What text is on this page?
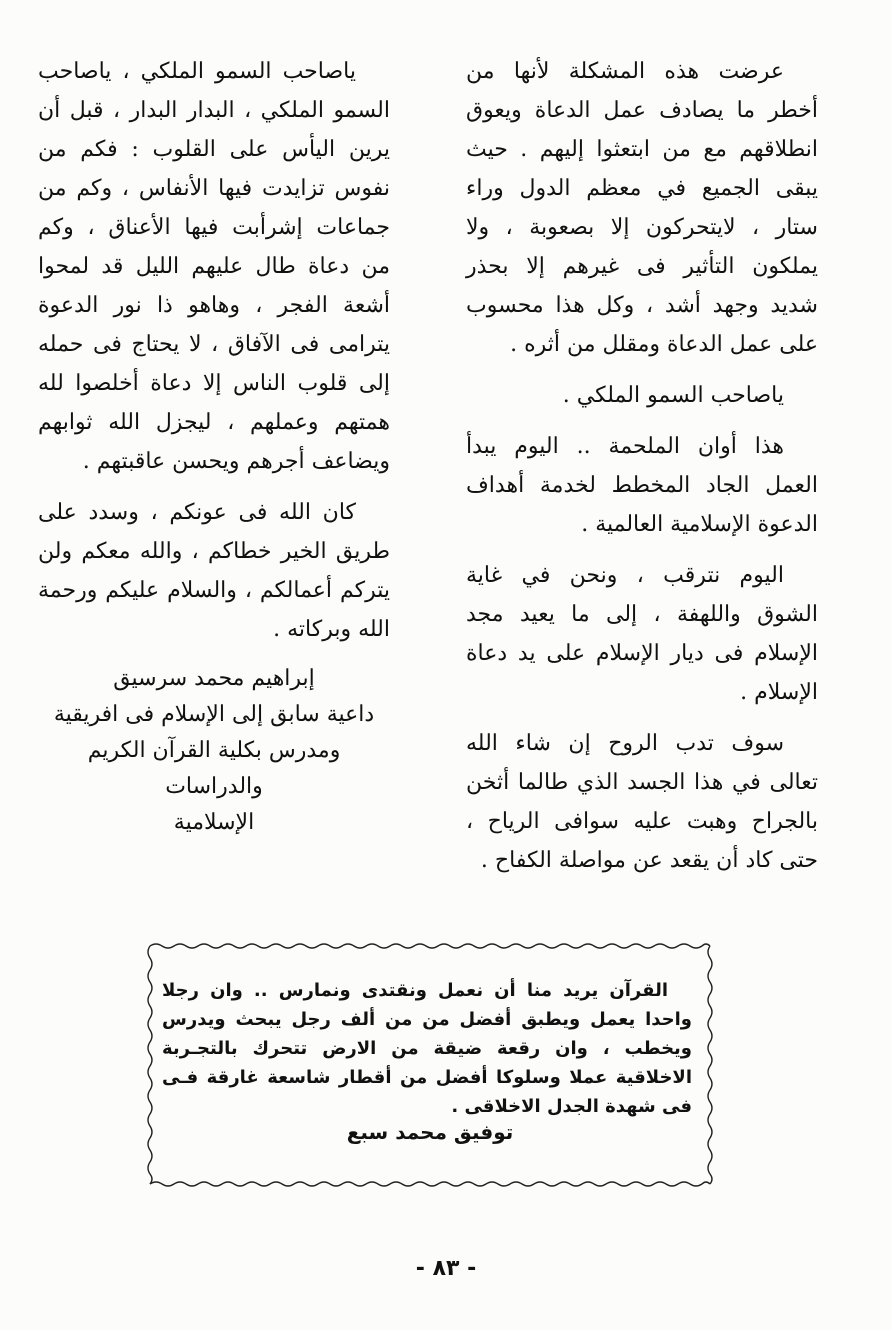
عرضت هذه المشكلة لأنها من أخطر ما يصادف عمل الدعاة ويعوق انطلاقهم مع من ابتعثوا إليهم . حيث يبقى الجميع في معظم الدول وراء ستار ، لايتحركون إلا بصعوبة ، ولا يملكون التأثير فى غيرهم إلا بحذر شديد وجهد أشد ، وكل هذا محسوب على عمل الدعاة ومقلل من أثره .

ياصاحب السمو الملكي .

هذا أوان الملحمة .. اليوم يبدأ العمل الجاد المخطط لخدمة أهداف الدعوة الإسلامية العالمية .

اليوم نترقب ، ونحن في غاية الشوق واللهفة ، إلى ما يعيد مجد الإسلام فى ديار الإسلام على يد دعاة الإسلام .

سوف تدب الروح إن شاء الله تعالى في هذا الجسد الذي طالما أثخن بالجراح وهبت عليه سوافى الرياح ، حتى كاد أن يقعد عن مواصلة الكفاح .

ياصاحب السمو الملكي ، ياصاحب السمو الملكي ، البدار البدار ، قبل أن يرين اليأس على القلوب : فكم من نفوس تزايدت فيها الأنفاس ، وكم من جماعات إشرأبت فيها الأعناق ، وكم من دعاة طال عليهم الليل قد لمحوا أشعة الفجر ، وهاهو ذا نور الدعوة يترامى فى الآفاق ، لا يحتاج فى حمله إلى قلوب الناس إلا دعاة أخلصوا لله همتهم وعملهم ، ليجزل الله ثوابهم ويضاعف أجرهم ويحسن عاقبتهم .

كان الله فى عونكم ، وسدد على طريق الخير خطاكم ، والله معكم ولن يتركم أعمالكم ، والسلام عليكم ورحمة الله وبركاته .

إبراهيم محمد سرسيق
داعية سابق إلى الإسلام فى افريقية
ومدرس بكلية القرآن الكريم والدراسات
الإسلامية

القرآن يريد منا أن نعمل ونقتدى ونمارس .. وان رجلا واحدا يعمل ويطبق أفضل من من ألف رجل يبحث ويدرس ويخطب ، وان رقعة ضيقة من الارض تتحرك بالتجـربة الاخلاقية عملا وسلوكا أفضل من أقطار شاسعة غارقة فـى فى شهدة الجدل الاخلاقى .

توفيق محمد سبع
- ٨٣ -
